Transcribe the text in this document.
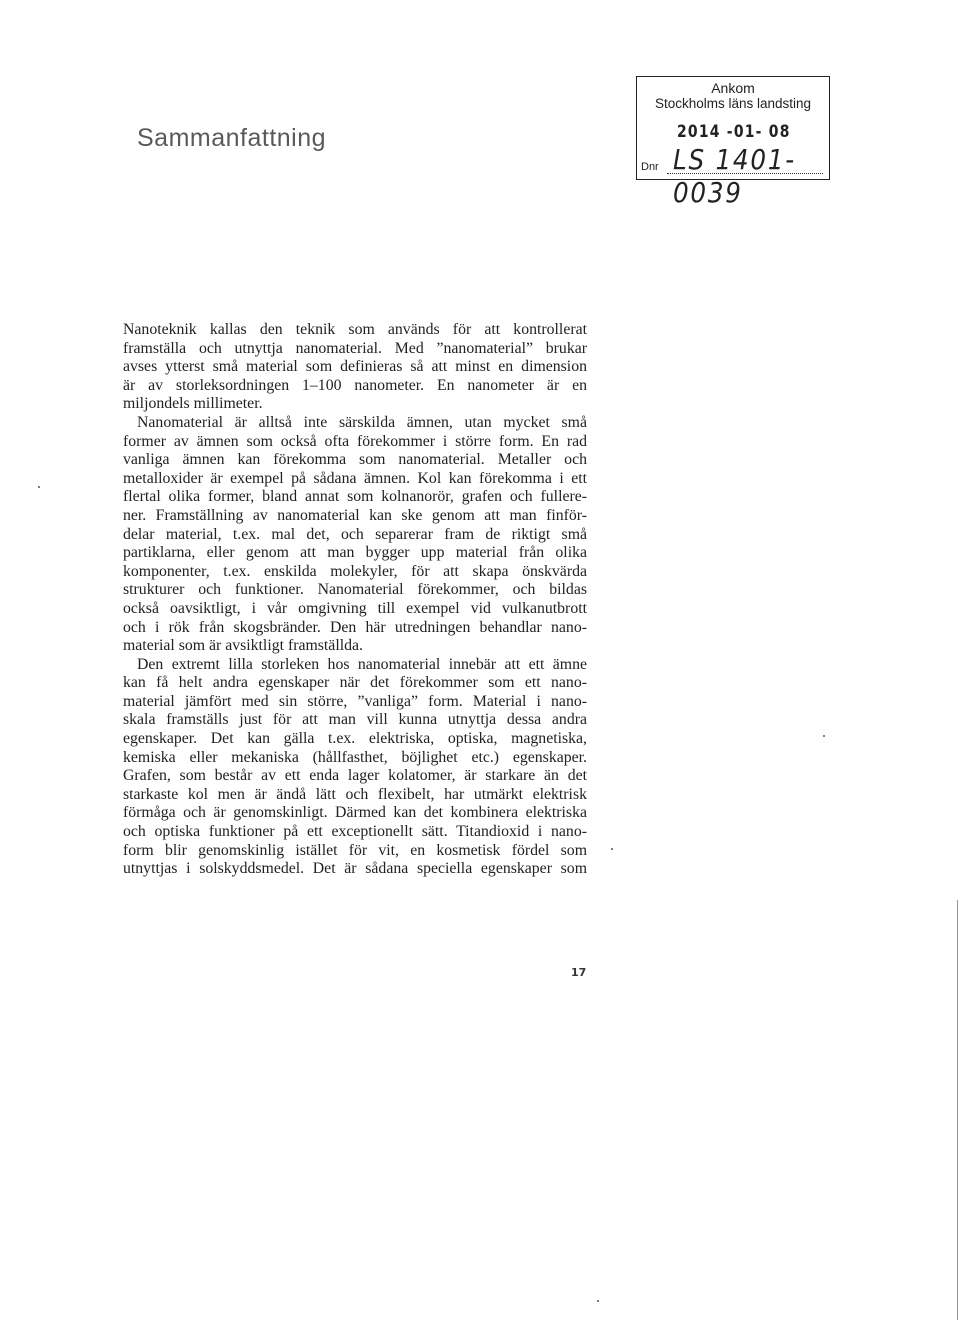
Sammanfattning
Ankom
Stockholms läns landsting
2014 -01- 08
LS 1401-0039
Dnr

Nanoteknik kallas den teknik som används för att kontrollerat
framställa och utnyttja nanomaterial. Med ”nanomaterial” brukar
avses ytterst små material som definieras så att minst en dimension
är av storleksordningen 1–100 nanometer. En nanometer är en
miljondels millimeter.

Nanomaterial är alltså inte särskilda ämnen, utan mycket små
former av ämnen som också ofta förekommer i större form. En rad
vanliga ämnen kan förekomma som nanomaterial. Metaller och
metalloxider är exempel på sådana ämnen. Kol kan förekomma i ett
flertal olika former, bland annat som kolnanorör, grafen och fullere-
ner. Framställning av nanomaterial kan ske genom att man finför-
delar material, t.ex. mal det, och separerar fram de riktigt små
partiklarna, eller genom att man bygger upp material från olika
komponenter, t.ex. enskilda molekyler, för att skapa önskvärda
strukturer och funktioner. Nanomaterial förekommer, och bildas
också oavsiktligt, i vår omgivning till exempel vid vulkanutbrott
och i rök från skogsbränder. Den här utredningen behandlar nano-
material som är avsiktligt framställda.

Den extremt lilla storleken hos nanomaterial innebär att ett ämne
kan få helt andra egenskaper när det förekommer som ett nano-
material jämfört med sin större, ”vanliga” form. Material i nano-
skala framställs just för att man vill kunna utnyttja dessa andra
egenskaper. Det kan gälla t.ex. elektriska, optiska, magnetiska,
kemiska eller mekaniska (hållfasthet, böjlighet etc.) egenskaper.
Grafen, som består av ett enda lager kolatomer, är starkare än det
starkaste kol men är ändå lätt och flexibelt, har utmärkt elektrisk
förmåga och är genomskinligt. Därmed kan det kombinera elektriska
och optiska funktioner på ett exceptionellt sätt. Titandioxid i nano-
form blir genomskinlig istället för vit, en kosmetisk fördel som
utnyttjas i solskyddsmedel. Det är sådana speciella egenskaper som

17
